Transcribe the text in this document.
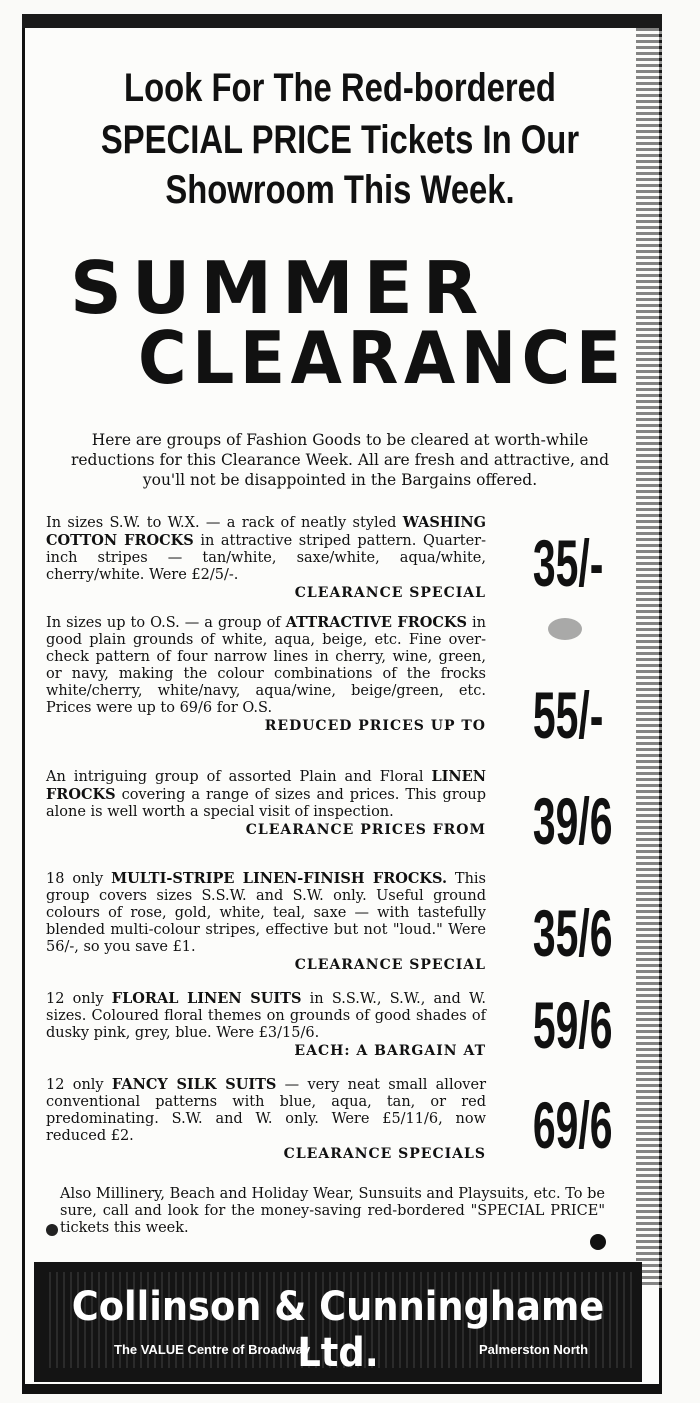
Look For The Red-bordered
SPECIAL PRICE Tickets In Our
Showroom This Week.
SUMMER
CLEARANCE
Here are groups of Fashion Goods to be cleared at worth-while reductions for this Clearance Week. All are fresh and attractive, and you'll not be disappointed in the Bargains offered.
In sizes S.W. to W.X. — a rack of neatly styled WASHING COTTON FROCKS in attractive striped pattern. Quarter-inch stripes — tan/white, saxe/white, aqua/white, cherry/white. Were £2/5/-.
CLEARANCE SPECIAL 35/-
In sizes up to O.S. — a group of ATTRACTIVE FROCKS in good plain grounds of white, aqua, beige, etc. Fine over-check pattern of four narrow lines in cherry, wine, green, or navy, making the colour combinations of the frocks white/cherry, white/navy, aqua/wine, beige/green, etc. Prices were up to 69/6 for O.S.
REDUCED PRICES UP TO 55/-
An intriguing group of assorted Plain and Floral LINEN FROCKS covering a range of sizes and prices. This group alone is well worth a special visit of inspection.
CLEARANCE PRICES FROM 39/6
18 only MULTI-STRIPE LINEN-FINISH FROCKS. This group covers sizes S.S.W. and S.W. only. Useful ground colours of rose, gold, white, teal, saxe — with tastefully blended multi-colour stripes, effective but not "loud." Were 56/-, so you save £1.
CLEARANCE SPECIAL 35/6
12 only FLORAL LINEN SUITS in S.S.W., S.W., and W. sizes. Coloured floral themes on grounds of good shades of dusky pink, grey, blue. Were £3/15/6.
EACH: A BARGAIN AT 59/6
12 only FANCY SILK SUITS — very neat small allover conventional patterns with blue, aqua, tan, or red predominating. S.W. and W. only. Were £5/11/6, now reduced £2.
CLEARANCE SPECIALS 69/6
Also Millinery, Beach and Holiday Wear, Sunsuits and Playsuits, etc. To be sure, call and look for the money-saving red-bordered "SPECIAL PRICE" tickets this week.
Collinson & Cunninghame Ltd.
The VALUE Centre of Broadway	Palmerston North
